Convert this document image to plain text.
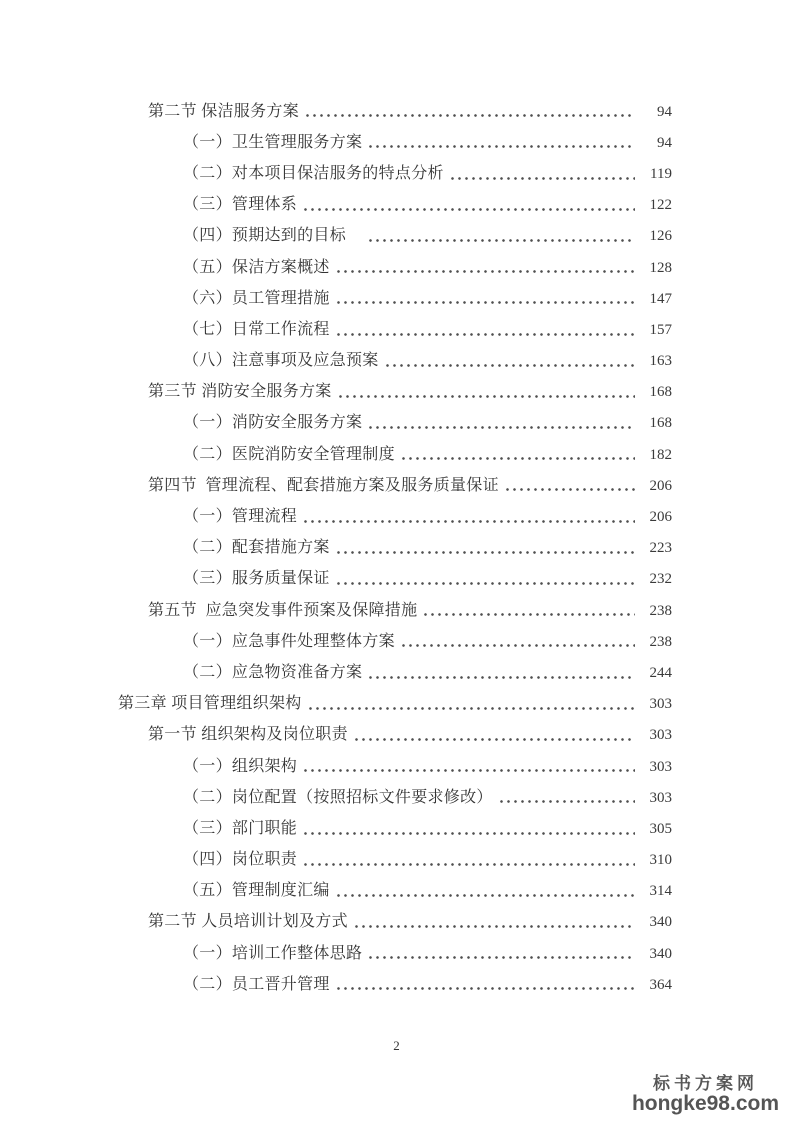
第二节 保洁服务方案	94
（一）卫生管理服务方案	94
（二）对本项目保洁服务的特点分析	119
（三）管理体系	122
（四）预期达到的目标　	126
（五）保洁方案概述	128
（六）员工管理措施	147
（七）日常工作流程	157
（八）注意事项及应急预案	163
第三节 消防安全服务方案	168
（一）消防安全服务方案	168
（二）医院消防安全管理制度	182
第四节  管理流程、配套措施方案及服务质量保证	206
（一）管理流程	206
（二）配套措施方案	223
（三）服务质量保证	232
第五节  应急突发事件预案及保障措施	238
（一）应急事件处理整体方案	238
（二）应急物资准备方案	244
第三章 项目管理组织架构	303
第一节 组织架构及岗位职责	303
（一）组织架构	303
（二）岗位配置（按照招标文件要求修改）	303
（三）部门职能	305
（四）岗位职责	310
（五）管理制度汇编	314
第二节 人员培训计划及方式	340
（一）培训工作整体思路	340
（二）员工晋升管理	364
2
标书方案网
hongke98.com
